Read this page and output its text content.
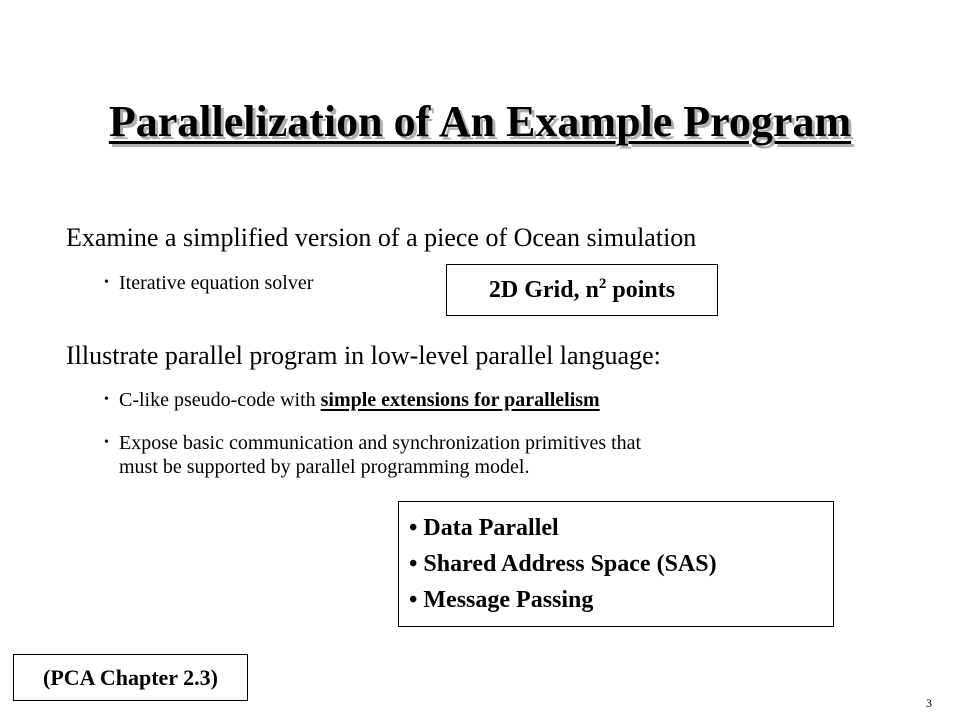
Parallelization of An Example Program
Examine a simplified version of a piece of Ocean simulation
• Iterative equation solver	2D Grid, $n^2$ points
Illustrate parallel program in low-level parallel language:
• C-like pseudo-code with simple extensions for parallelism
• Expose basic communication and synchronization primitives that
must be supported by parallel programming model.
• Data Parallel
• Shared Address Space (SAS)
• Message Passing
(PCA Chapter 2.3)
3
